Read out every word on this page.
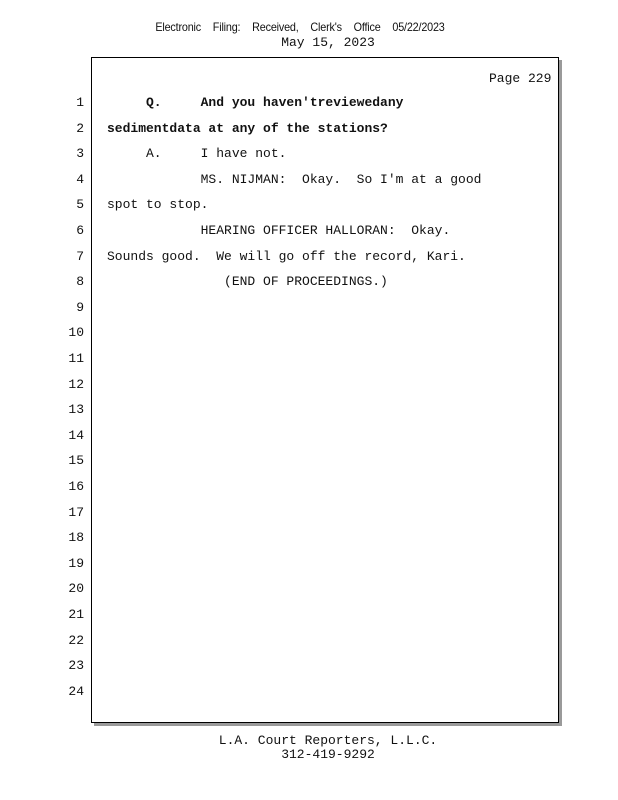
Electronic Filing: Received, Clerk's Office 05/22/2023
May 15, 2023
Page 229
1 Q.     And you haven'treviewedany
2 sedimentdata at any of the stations?
3 A.     I have not.
4 MS. NIJMAN:  Okay.  So I'm at a good
5 spot to stop.
6 HEARING OFFICER HALLORAN:  Okay.
7 Sounds good.  We will go off the record, Kari.
8 (END OF PROCEEDINGS.)
9
10
11
12
13
14
15
16
17
18
19
20
21
22
23
24
L.A. Court Reporters, L.L.C.
312-419-9292
